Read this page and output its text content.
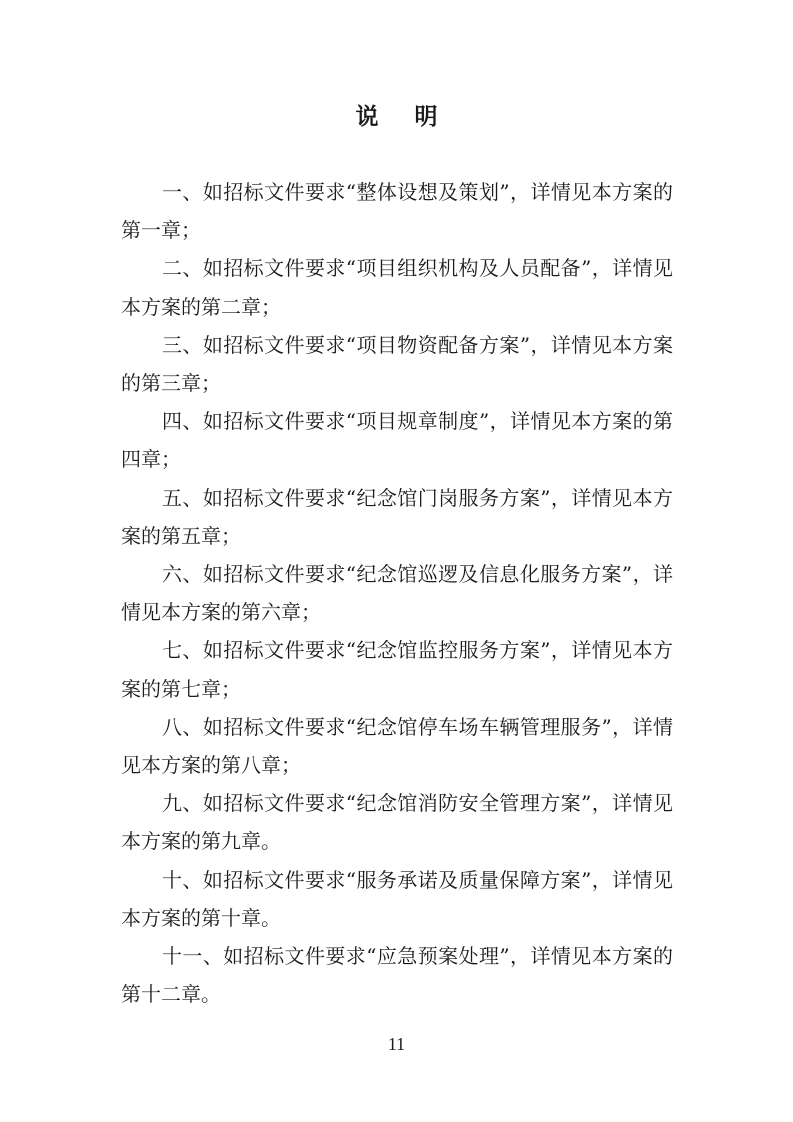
说 明

一、如招标文件要求“整体设想及策划”，详情见本方案的第一章；

二、如招标文件要求“项目组织机构及人员配备”，详情见本方案的第二章；

三、如招标文件要求“项目物资配备方案”，详情见本方案的第三章；

四、如招标文件要求“项目规章制度”，详情见本方案的第四章；

五、如招标文件要求“纪念馆门岗服务方案”，详情见本方案的第五章；

六、如招标文件要求“纪念馆巡逻及信息化服务方案”，详情见本方案的第六章；

七、如招标文件要求“纪念馆监控服务方案”，详情见本方案的第七章；

八、如招标文件要求“纪念馆停车场车辆管理服务”，详情见本方案的第八章；

九、如招标文件要求“纪念馆消防安全管理方案”，详情见本方案的第九章。

十、如招标文件要求“服务承诺及质量保障方案”，详情见本方案的第十章。

十一、如招标文件要求“应急预案处理”，详情见本方案的第十二章。

11
